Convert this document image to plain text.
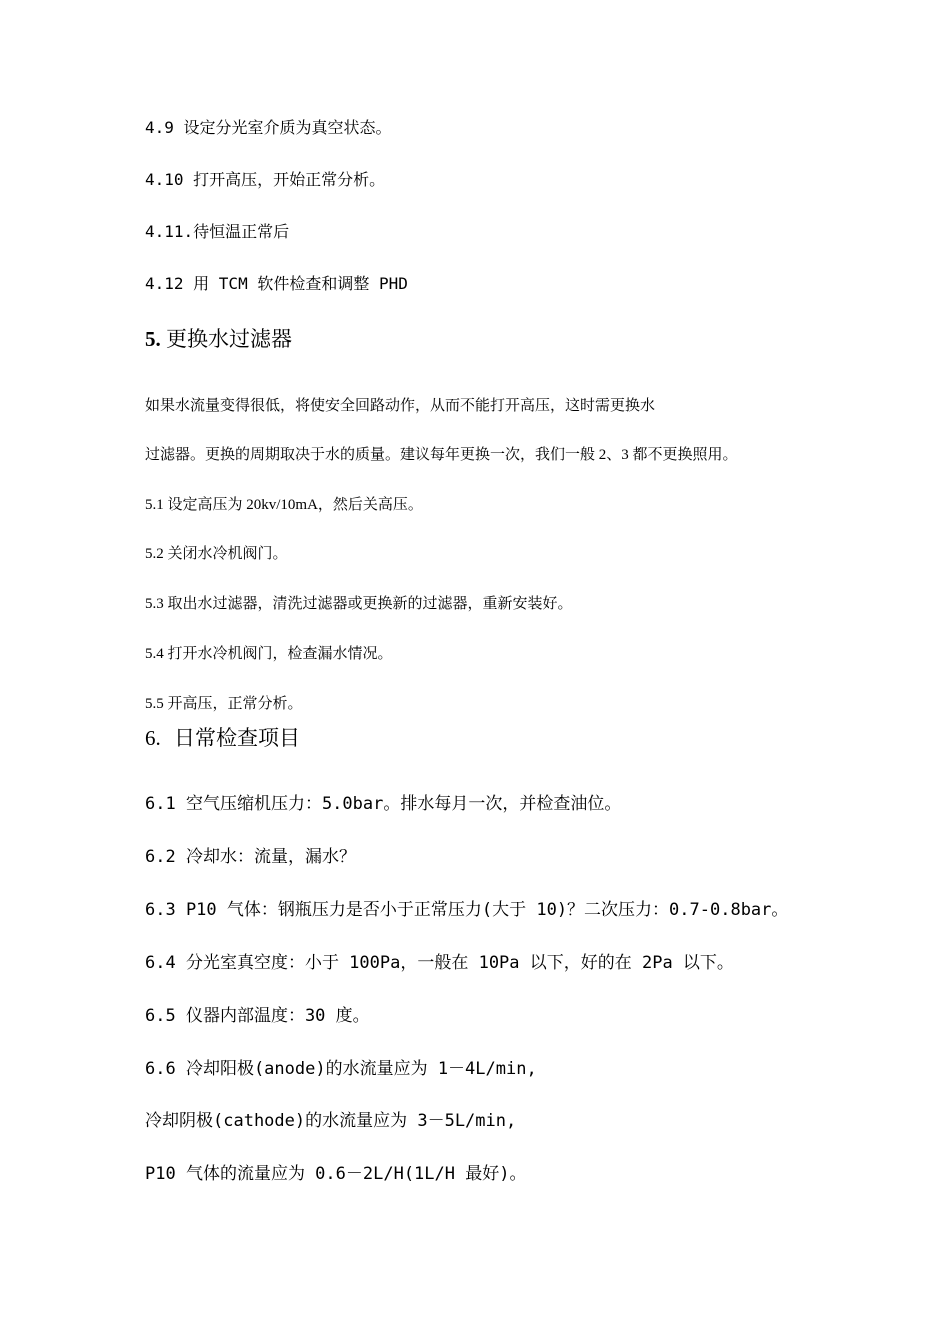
4.9 设定分光室介质为真空状态。
4.10 打开高压，开始正常分析。
4.11.待恒温正常后
4.12 用 TCM 软件检查和调整 PHD
5. 更换水过滤器
如果水流量变得很低，将使安全回路动作，从而不能打开高压，这时需更换水
过滤器。更换的周期取决于水的质量。建议每年更换一次，我们一般 2、3 都不更换照用。
5.1 设定高压为 20kv/10mA，然后关高压。
5.2 关闭水冷机阀门。
5.3 取出水过滤器，清洗过滤器或更换新的过滤器，重新安装好。
5.4 打开水冷机阀门，检查漏水情况。
5.5 开高压，正常分析。
6. 日常检查项目
6.1 空气压缩机压力：5.0bar。排水每月一次，并检查油位。
6.2 冷却水：流量，漏水？
6.3 P10 气体：钢瓶压力是否小于正常压力(大于 10)？二次压力：0.7-0.8bar。
6.4 分光室真空度：小于 100Pa，一般在 10Pa 以下，好的在 2Pa 以下。
6.5 仪器内部温度：30 度。
6.6 冷却阳极(anode)的水流量应为 1－4L/min,
冷却阴极(cathode)的水流量应为 3－5L/min,
P10 气体的流量应为 0.6－2L/H(1L/H 最好)。
